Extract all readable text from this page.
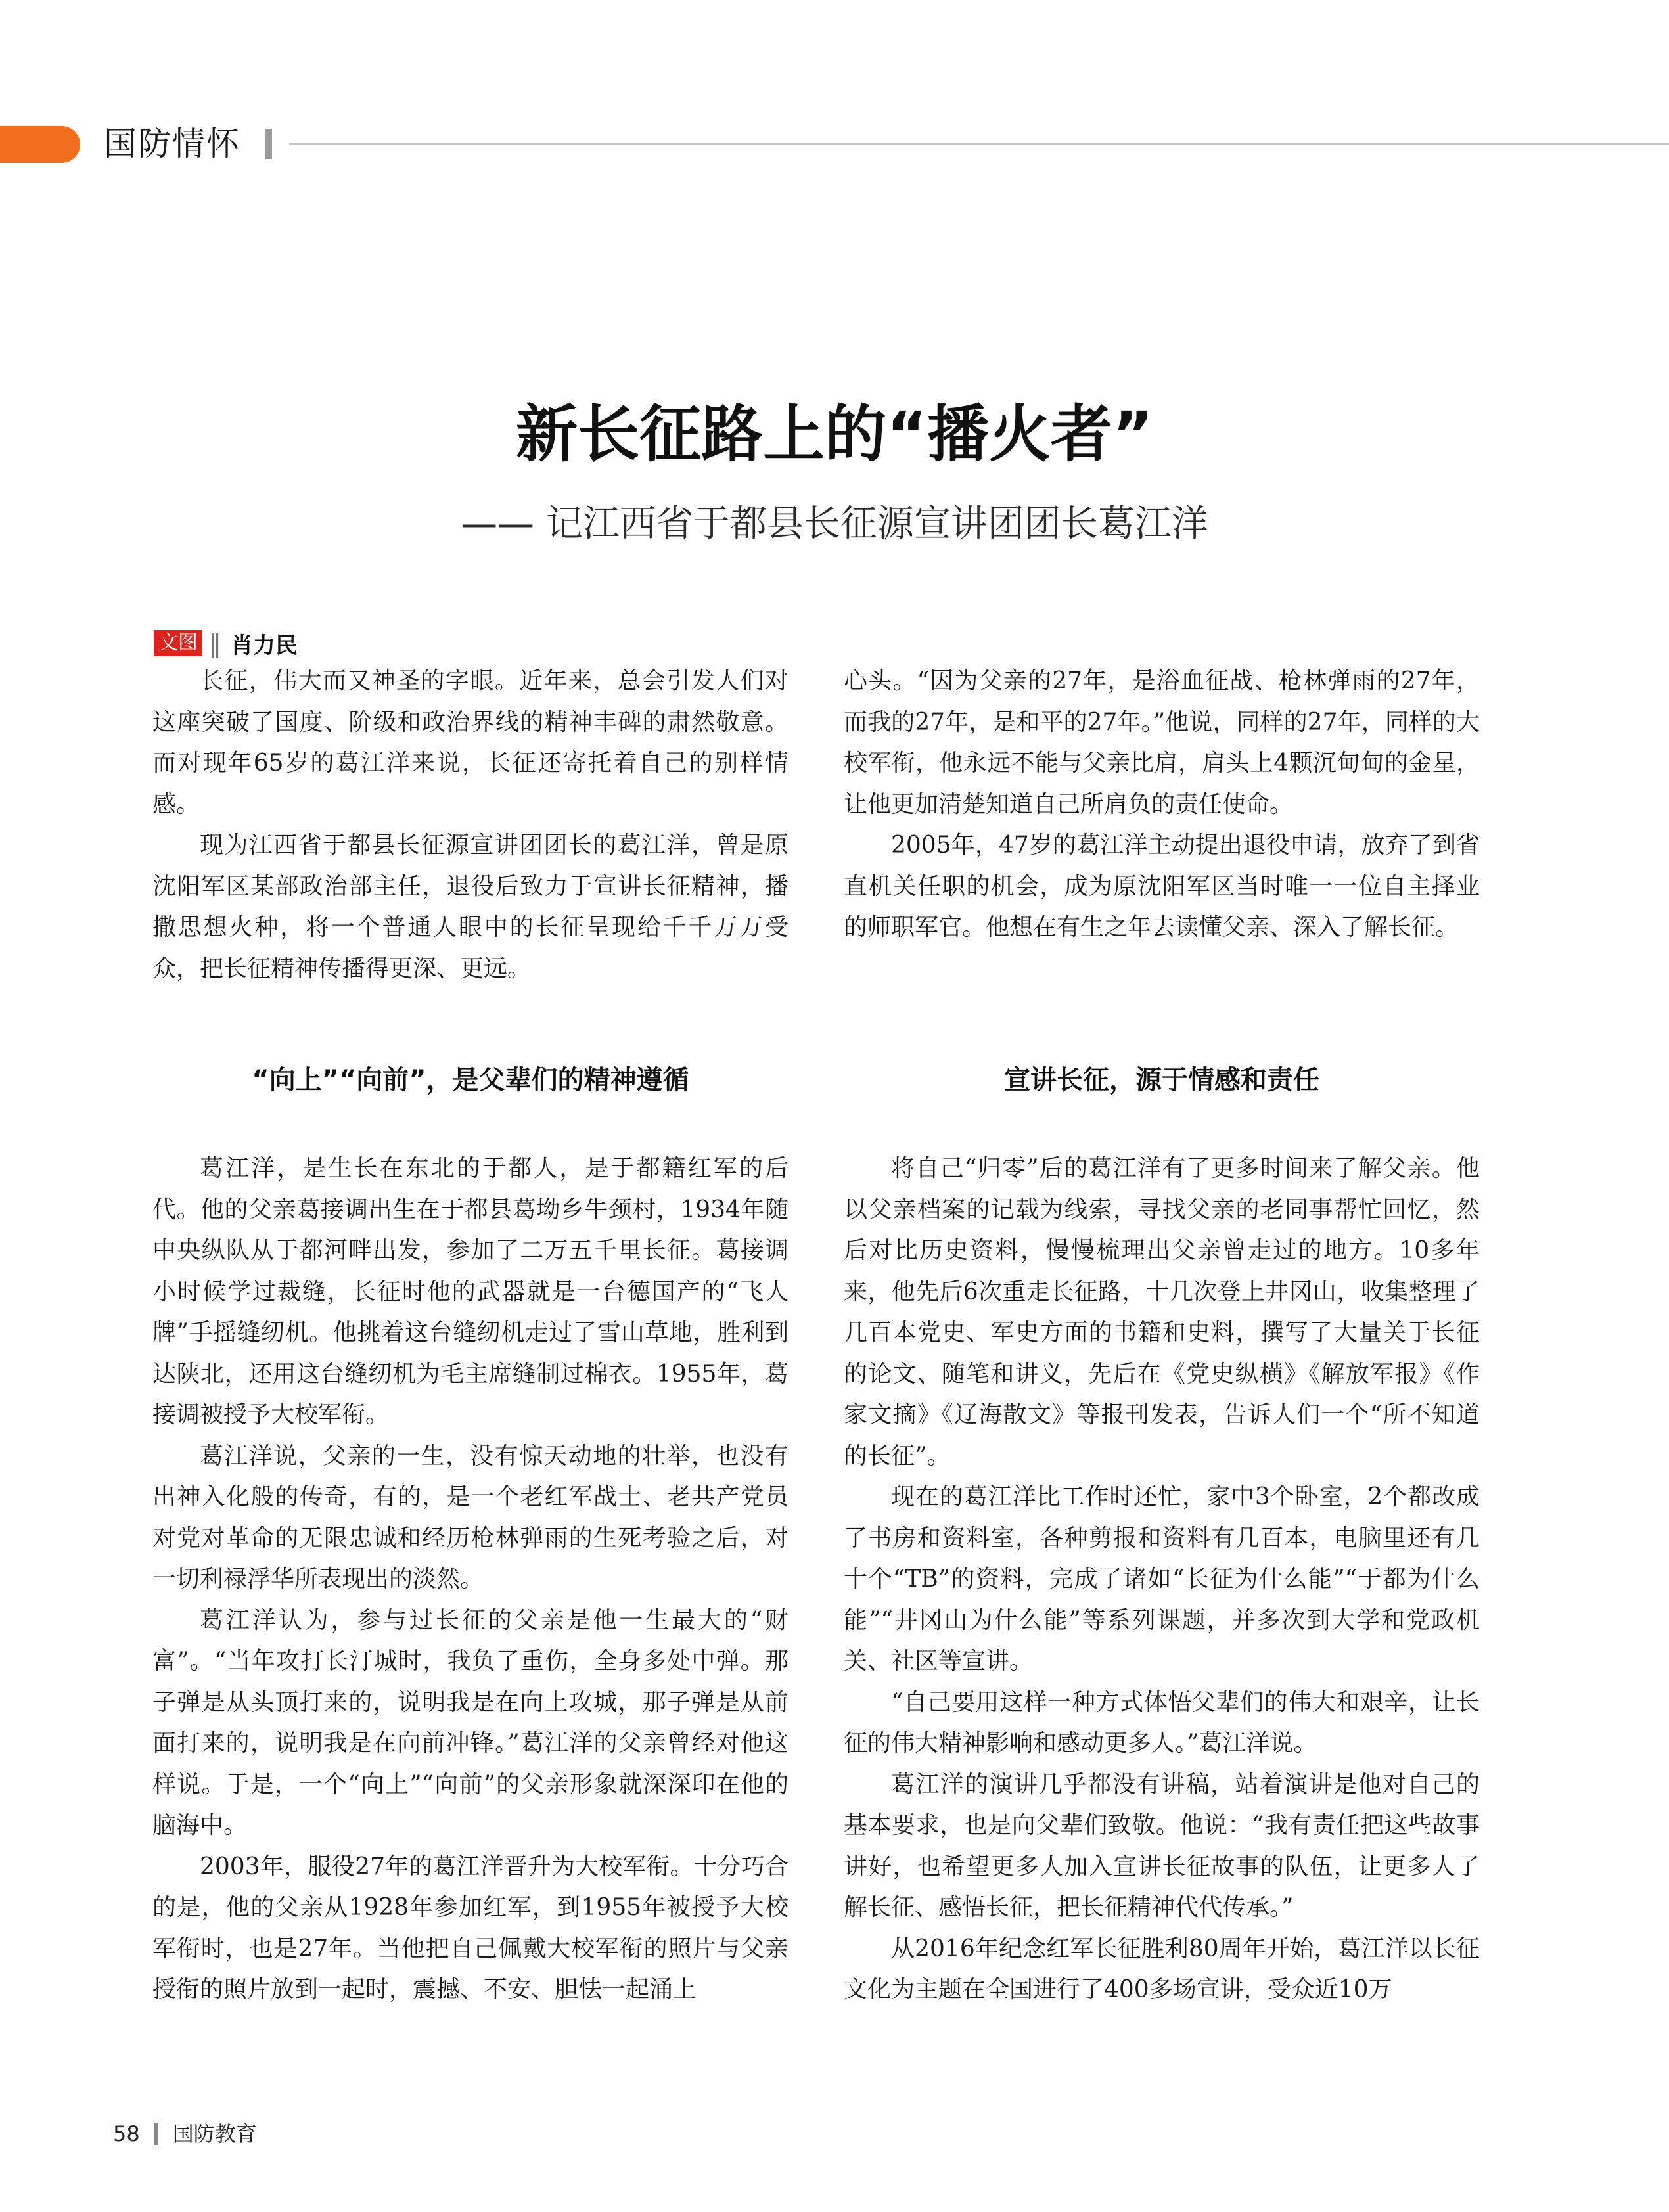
国防情怀
新长征路上的“播火者”
—— 记江西省于都县长征源宣讲团团长葛江洋
文图 ‖ 肖力民

长征，伟大而又神圣的字眼。近年来，总会引发人们对这座突破了国度、阶级和政治界线的精神丰碑的肃然敬意。而对现年65岁的葛江洋来说，长征还寄托着自己的别样情感。

现为江西省于都县长征源宣讲团团长的葛江洋，曾是原沈阳军区某部政治部主任，退役后致力于宣讲长征精神，播撒思想火种，将一个普通人眼中的长征呈现给千千万万受众，把长征精神传播得更深、更远。

心头。“因为父亲的27年，是浴血征战、枪林弹雨的27年，而我的27年，是和平的27年。”他说，同样的27年，同样的大校军衔，他永远不能与父亲比肩，肩头上4颗沉甸甸的金星，让他更加清楚知道自己所肩负的责任使命。

2005年，47岁的葛江洋主动提出退役申请，放弃了到省直机关任职的机会，成为原沈阳军区当时唯一一位自主择业的师职军官。他想在有生之年去读懂父亲、深入了解长征。

“向上”“向前”，是父辈们的精神遵循	宣讲长征，源于情感和责任

葛江洋，是生长在东北的于都人，是于都籍红军的后代。他的父亲葛接调出生在于都县葛坳乡牛颈村，1934年随中央纵队从于都河畔出发，参加了二万五千里长征。葛接调小时候学过裁缝，长征时他的武器就是一台德国产的“飞人牌”手摇缝纫机。他挑着这台缝纫机走过了雪山草地，胜利到达陕北，还用这台缝纫机为毛主席缝制过棉衣。1955年，葛接调被授予大校军衔。

葛江洋说，父亲的一生，没有惊天动地的壮举，也没有出神入化般的传奇，有的，是一个老红军战士、老共产党员对党对革命的无限忠诚和经历枪林弹雨的生死考验之后，对一切利禄浮华所表现出的淡然。

葛江洋认为，参与过长征的父亲是他一生最大的“财富”。“当年攻打长汀城时，我负了重伤，全身多处中弹。那子弹是从头顶打来的，说明我是在向上攻城，那子弹是从前面打来的，说明我是在向前冲锋。”葛江洋的父亲曾经对他这样说。于是，一个“向上”“向前”的父亲形象就深深印在他的脑海中。

2003年，服役27年的葛江洋晋升为大校军衔。十分巧合的是，他的父亲从1928年参加红军，到1955年被授予大校军衔时，也是27年。当他把自己佩戴大校军衔的照片与父亲授衔的照片放到一起时，震撼、不安、胆怯一起涌上

将自己“归零”后的葛江洋有了更多时间来了解父亲。他以父亲档案的记载为线索，寻找父亲的老同事帮忙回忆，然后对比历史资料，慢慢梳理出父亲曾走过的地方。10多年来，他先后6次重走长征路，十几次登上井冈山，收集整理了几百本党史、军史方面的书籍和史料，撰写了大量关于长征的论文、随笔和讲义，先后在《党史纵横》《解放军报》《作家文摘》《辽海散文》等报刊发表，告诉人们一个“所不知道的长征”。

现在的葛江洋比工作时还忙，家中3个卧室，2个都改成了书房和资料室，各种剪报和资料有几百本，电脑里还有几十个“TB”的资料，完成了诸如“长征为什么能”“于都为什么能”“井冈山为什么能”等系列课题，并多次到大学和党政机关、社区等宣讲。

“自己要用这样一种方式体悟父辈们的伟大和艰辛，让长征的伟大精神影响和感动更多人。”葛江洋说。

葛江洋的演讲几乎都没有讲稿，站着演讲是他对自己的基本要求，也是向父辈们致敬。他说：“我有责任把这些故事讲好，也希望更多人加入宣讲长征故事的队伍，让更多人了解长征、感悟长征，把长征精神代代传承。”

从2016年纪念红军长征胜利80周年开始，葛江洋以长征文化为主题在全国进行了400多场宣讲，受众近10万

58 国防教育
